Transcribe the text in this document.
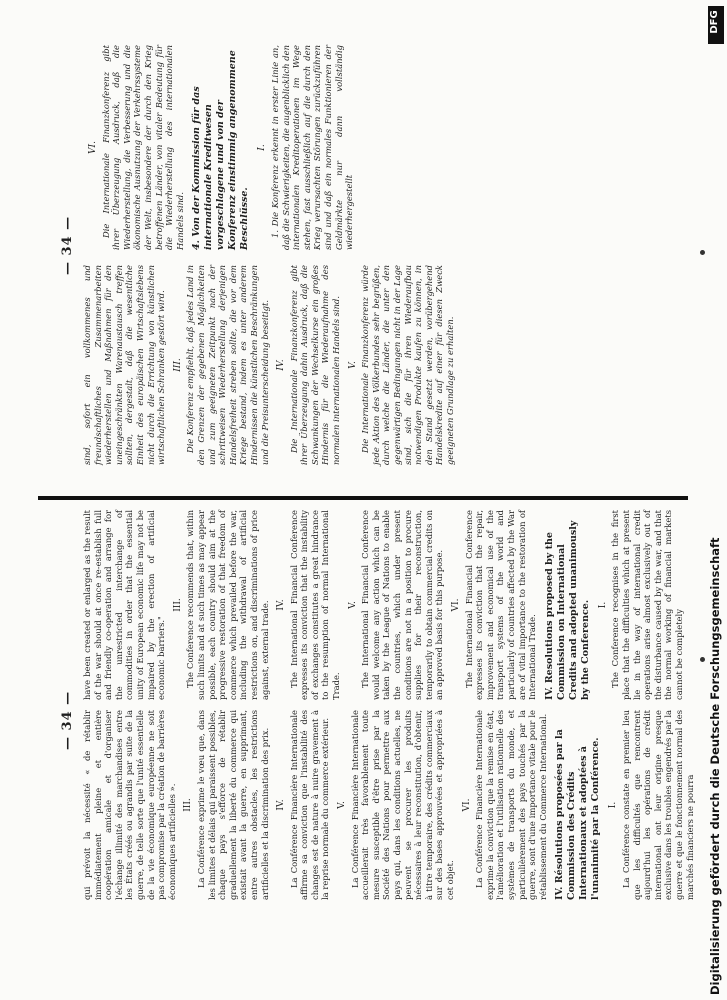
— 34 — qui prévoit la nécessité « de rétablir immédiatement pleine et entière coopération amicale et d'organiser l'échange illimité des marchandises entre les États créés ou agrandis par suite de la guerre, de telle sorte que l'unité essentielle de la vie économique européenne ne soit pas compromise par la création de barrières économiques artificielles ». III. La Conférence exprime le vœu que, dans les limites et délais qui paraissent possibles, chaque pays s'efforce de rétablir graduellement la liberté du commerce qui existait avant la guerre, en supprimant, entre autres obstacles, les restrictions artificielles et la discrimination des prix. IV. La Conférence Financière Internationale affirme sa conviction que l'instabilité des changes est de nature à nuire gravement à la reprise normale du commerce extérieur. V. La Conférence Financière Internationale accueillerait très favorablement toute mesure susceptible d'être prise par la Société des Nations pour permettre aux pays qui, dans les conditions actuelles, ne peuvent se procurer les produits nécessaires à leur reconstitution, d'obtenir, à titre temporaire, des crédits commerciaux sur des bases approuvées et appropriées à cet objet.

VI. La Conférence Financière Internationale exprime la conviction que la remise en état, l'amélioration et l'utilisation rationnelle des systèmes de transports du monde, et particulièrement des pays touchés par la guerre, sont d'une importance vitale pour le rétablissement du Commerce International. IV. Résolutions proposées par la Commission des Crédits Internationaux et adoptées à l'unanimité par la Conférence. I. La Conférence constate en premier lieu que les difficultés que rencontrent aujourd'hui les opérations de crédit international ont leur origine presque exclusive dans les troubles engendrés par la guerre et que le fonctionnement normal des marchés financiers ne pourra

have been created or enlarged as the result of the war should at once re-establish full and friendly co-operation and arrange for the unrestricted interchange of commodities in order that the essential unity of European economic life may not be impaired by the erection of artificial economic barriers."

III. The Conference recommends that, within such limits and at such times as may appear possible, each country should aim at the progressive restoration of that freedom of commerce which prevailed before the war, including the withdrawal of artificial restrictions on, and discriminations of price against, external trade. IV. The International Financial Conference expresses its conviction that the instability of exchanges constitutes a great hindrance to the resumption of normal International Trade.

V. The International Financial Conference would welcome any action which can be taken by the League of Nations to enable the countries, which under present conditions are not in a position to procure supplies for their reconstruction, temporarily to obtain commercial credits on an approved basis for this purpose. VI. The International Financial Conference expresses its conviction that the repair, improvement and economical use of the transport systems of the world and particularly of countries affected by the War are of vital importance to the restoration of International Trade. IV. Resolutions proposed by the Commission on International Credits and adopted unanimously by the Conference. I. The Conference recognises in the first place that the difficulties which at present lie in the way of international credit operations arise almost exclusively out of the disturbance caused by the war, and that the normal working of financial markets cannot be completely

— 34 —

sind, sofort ein vollkommenes und freundschaftliches Zusammenarbeiten wiederherstellen und Maßnahmen für den uneingeschränkten Warenaustausch treffen sollten, dergestalt, daß die wesentliche Einheit des europäischen Wirtschaftslebens nicht durch die Errichtung von künstlichen wirtschaftlichen Schranken gestört wird. III. Die Konferenz empfiehlt, daß jedes Land in den Grenzen der gegebenen Möglichkeiten und zum geeigneten Zeitpunkt nach der schrittweisen Wiederherstellung derjenigen Handelsfreiheit streben sollte, die vor dem Kriege bestand, indem es unter anderem Hindernissen die künstlichen Beschränkungen und die Preisunterscheidung beseitigt. IV. Die Internationale Finanzkonferenz gibt ihrer Überzeugung dahin Ausdruck, daß die Schwankungen der Wechselkurse ein großes Hindernis für die Wiederaufnahme des normalen internationalen Handels sind. V. Die Internationale Finanzkonferenz würde jede Aktion des Völkerbundes sehr begrüßen, durch welche die Länder, die unter den gegenwärtigen Bedingungen nicht in der Lage sind, sich die für ihren Wiederaufbau notwendigen Produkte kaufen zu können, in den Stand gesetzt werden, vorübergehend Handelskredite auf einer für diesen Zweck geeigneten Grundlage zu erhalten.

VI. Die Internationale Finanzkonferenz gibt ihrer Überzeugung Ausdruck, daß die Wiederherstellung, die Verbesserung und die ökonomische Ausnutzung der Verkehrssysteme der Welt, insbesondere der durch den Krieg betroffenen Länder, von vitaler Bedeutung für die Wiederherstellung des internationalen Handels sind. 4. Von der Kommission für das internationale Kreditwesen vorgeschlagene und von der Konferenz einstimmig angenommene Beschlüsse.
I. 1. Die Konferenz erkennt in erster Linie an, daß die Schwierigkeiten, die augenblicklich den internationalen Kreditoperationen im Wege stehen, fast ausschließlich auf die durch den Krieg verursachten Störungen zurückzuführen sind und daß ein normales Funktionieren der Geldmärkte nur dann vollständig wiederhergestellt

Digitalisierung gefördert durch die Deutsche Forschungsgemeinschaft
DFG
